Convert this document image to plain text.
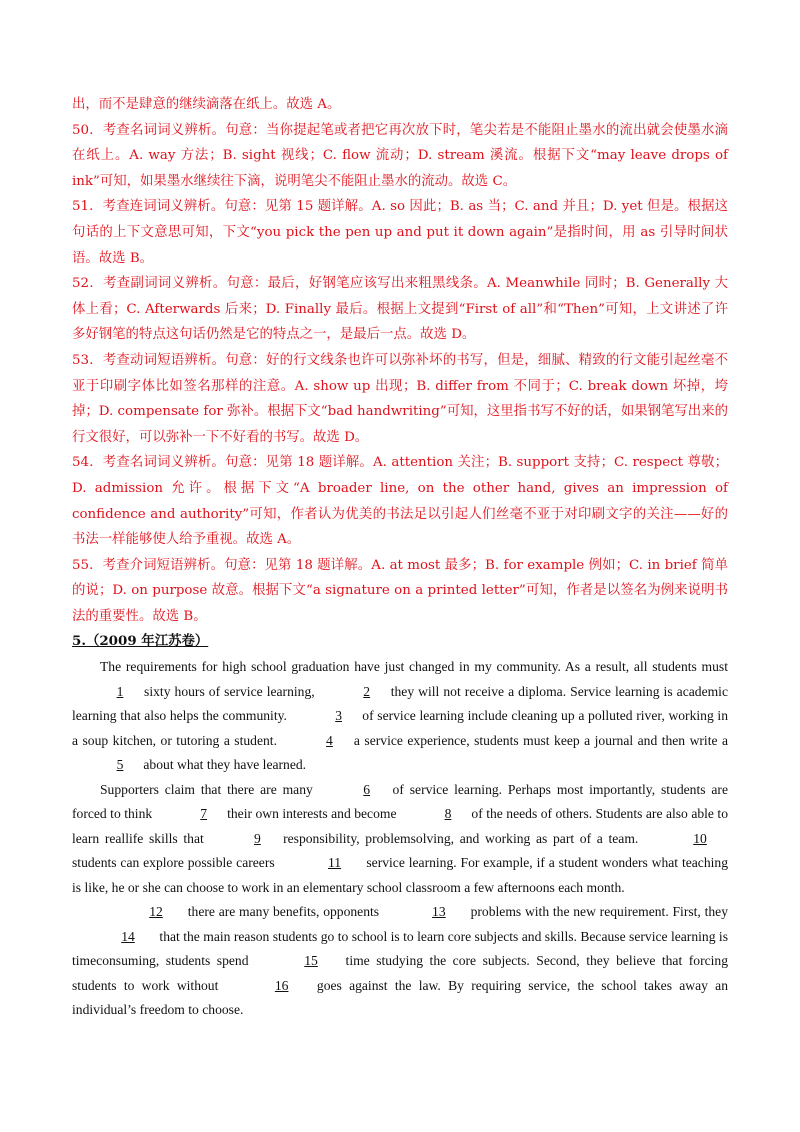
出，而不是肆意的继续滴落在纸上。故选 A。

50．考查名词词义辨析。句意：当你提起笔或者把它再次放下时，笔尖若是不能阻止墨水的流出就会使墨水滴在纸上。A. way 方法；B. sight 视线；C. flow 流动；D. stream 溪流。根据下文“may leave drops of ink”可知，如果墨水继续往下滴，说明笔尖不能阻止墨水的流动。故选 C。

51．考查连词词义辨析。句意：见第 15 题详解。A. so 因此；B. as 当；C. and 并且；D. yet 但是。根据这句话的上下文意思可知，下文“you pick the pen up and put it down again”是指时间，用 as 引导时间状语。故选 B。

52．考查副词词义辨析。句意：最后，好钢笔应该写出来粗黑线条。A. Meanwhile 同时；B. Generally 大体上看；C. Afterwards 后来；D. Finally 最后。根据上文提到“First of all”和“Then”可知，上文讲述了许多好钢笔的特点这句话仍然是它的特点之一，是最后一点。故选 D。

53．考查动词短语辨析。句意：好的行文线条也许可以弥补坏的书写，但是，细腻、精致的行文能引起丝毫不亚于印刷字体比如签名那样的注意。A. show up 出现；B. differ from 不同于；C. break down 坏掉，垮掉；D. compensate for 弥补。根据下文“bad handwriting”可知，这里指书写不好的话，如果钢笔写出来的行文很好，可以弥补一下不好看的书写。故选 D。

54．考查名词词义辨析。句意：见第 18 题详解。A. attention 关注；B. support 支持；C. respect 尊敬；D. admission 允许。根据下文“A broader line, on the other hand, gives an impression of confidence and authority”可知，作者认为优美的书法足以引起人们丝毫不亚于对印刷文字的关注——好的书法一样能够使人给予重视。故选 A。

55．考查介词短语辨析。句意：见第 18 题详解。A. at most 最多；B. for example 例如；C. in brief 简单的说；D. on purpose 故意。根据下文“a signature on a printed letter”可知，作者是以签名为例来说明书法的重要性。故选 B。

5.（2009 年江苏卷）

The requirements for high school graduation have just changed in my community. As a result, all students must 1 sixty hours of service learning,	2 they will not receive a diploma. Service learning is academic learning that also helps the community.	3 of service learning include cleaning up a polluted river, working in a soup kitchen, or tutoring a student.	4 a service experience, students must keep a journal and then write a 5 about what they have learned.

Supporters claim that there are many	6 of service learning. Perhaps most importantly, students are forced to think	7 their own interests and become	8 of the needs of others. Students are also able to learn reallife skills that	9 responsibility, problemsolving, and working as part of a team.	10 students can explore possible careers	11 service learning. For example, if a student wonders what teaching is like, he or she can choose to work in an elementary school classroom a few afternoons each month.

12 there are many benefits, opponents	13 problems with the new requirement. First, they 14 that the main reason students go to school is to learn core subjects and skills. Because service learning is timeconsuming, students spend	15 time studying the core subjects. Second, they believe that forcing students to work without	16 goes against the law. By requiring service, the school takes away an individual’s freedom to choose.
